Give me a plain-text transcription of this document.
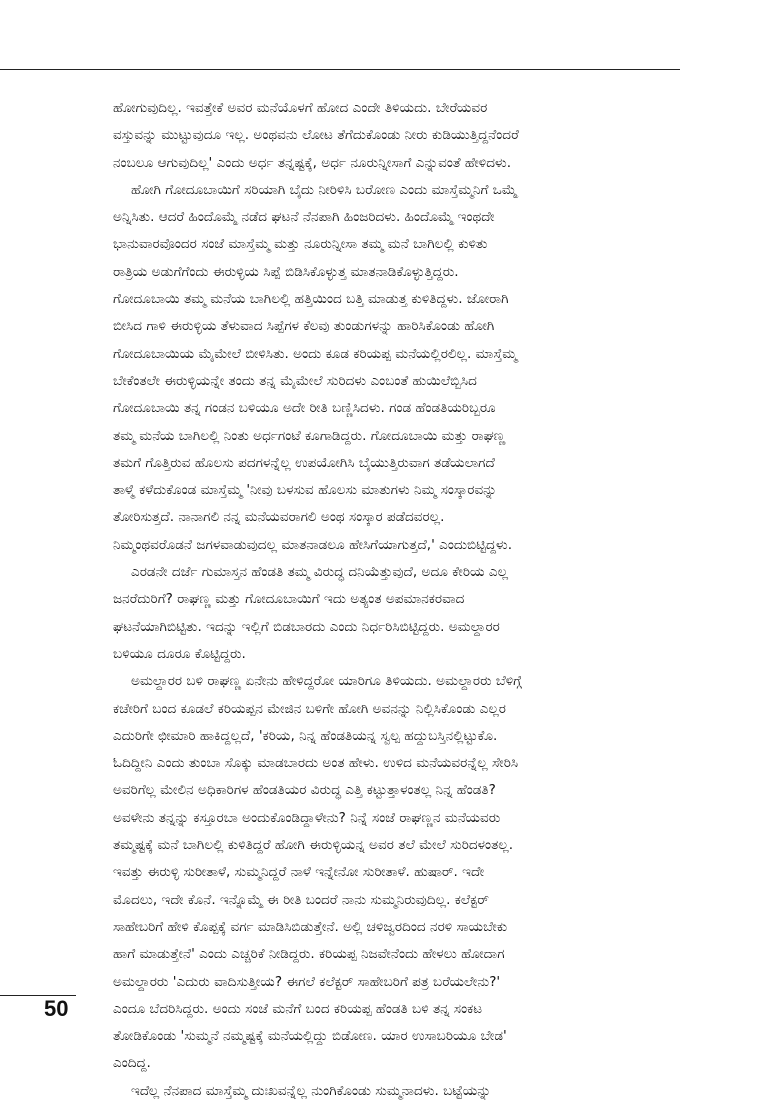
ಹೋಗುವುದಿಲ್ಲ. ಇವತ್ತೇಕೆ ಅವರ ಮನೆಯೊಳಗೆ ಹೋದ ಎಂದೇ ತಿಳಿಯದು. ಬೇರೆಯವರ
ವಸ್ತುವನ್ನು ಮುಟ್ಟುವುದೂ ಇಲ್ಲ. ಅಂಥವನು ಲೋಟ ತೆಗೆದುಕೊಂಡು ನೀರು ಕುಡಿಯುತ್ತಿದ್ದನೆಂದರೆ
ನಂಬಲೂ ಆಗುವುದಿಲ್ಲ' ಎಂದು ಅರ್ಧ ತನ್ನಷ್ಟಕ್ಕೆ, ಅರ್ಧ ನೂರುನ್ನೀಸಾಗೆ ಎನ್ನುವಂತೆ ಹೇಳಿದಳು.
ಹೋಗಿ ಗೋದೂಬಾಯಿಗೆ ಸರಿಯಾಗಿ ಬೈದು ನೀರಿಳಿಸಿ ಬರೋಣ ಎಂದು ಮಾಸ್ತೆಮ್ಮನಿಗೆ ಒಮ್ಮೆ
ಅನ್ನಿಸಿತು. ಆದರೆ ಹಿಂದೊಮ್ಮೆ ನಡೆದ ಘಟನೆ ನೆನಪಾಗಿ ಹಿಂಜರಿದಳು. ಹಿಂದೊಮ್ಮೆ ಇಂಥದೇ
ಭಾನುವಾರವೊಂದರ ಸಂಜೆ ಮಾಸ್ತೆಮ್ಮ ಮತ್ತು ನೂರುನ್ನೀಸಾ ತಮ್ಮ ಮನೆ ಬಾಗಿಲಲ್ಲಿ ಕುಳಿತು
ರಾತ್ರಿಯ ಅಡುಗೆಗೆಂದು ಈರುಳ್ಳಿಯ ಸಿಪ್ಪೆ ಬಿಡಿಸಿಕೊಳ್ಳುತ್ತ ಮಾತನಾಡಿಕೊಳ್ಳುತ್ತಿದ್ದರು.
ಗೋದೂಬಾಯಿ ತಮ್ಮ ಮನೆಯ ಬಾಗಿಲಲ್ಲಿ ಹತ್ತಿಯಿಂದ ಬತ್ತಿ ಮಾಡುತ್ತ ಕುಳಿತಿದ್ದಳು. ಜೋರಾಗಿ
ಬೀಸಿದ ಗಾಳಿ ಈರುಳ್ಳಿಯ ತೆಳುವಾದ ಸಿಪ್ಪೆಗಳ ಕೆಲವು ತುಂಡುಗಳನ್ನು ಹಾರಿಸಿಕೊಂಡು ಹೋಗಿ
ಗೋದೂಬಾಯಿಯ ಮೈಮೇಲೆ ಬೀಳಿಸಿತು. ಅಂದು ಕೂಡ ಕರಿಯಪ್ಪ ಮನೆಯಲ್ಲಿರಲಿಲ್ಲ. ಮಾಸ್ತೆಮ್ಮ
ಬೇಕೆಂತಲೇ ಈರುಳ್ಳಿಯನ್ನೇ ತಂದು ತನ್ನ ಮೈಮೇಲೆ ಸುರಿದಳು ಎಂಬಂತೆ ಹುಯಿಲೆಬ್ಬಿಸಿದ
ಗೋದೂಬಾಯಿ ತನ್ನ ಗಂಡನ ಬಳಿಯೂ ಅದೇ ರೀತಿ ಬಣ್ಣಿಸಿದಳು. ಗಂಡ ಹೆಂಡತಿಯರಿಬ್ಬರೂ
ತಮ್ಮ ಮನೆಯ ಬಾಗಿಲಲ್ಲಿ ನಿಂತು ಅರ್ಧಗಂಟೆ ಕೂಗಾಡಿದ್ದರು. ಗೋದೂಬಾಯಿ ಮತ್ತು ರಾಘಣ್ಣ
ತಮಗೆ ಗೊತ್ತಿರುವ ಹೊಲಸು ಪದಗಳನ್ನೆಲ್ಲ ಉಪಯೋಗಿಸಿ ಬೈಯುತ್ತಿರುವಾಗ ತಡೆಯಲಾಗದೆ
ತಾಳ್ಮೆ ಕಳೆದುಕೊಂಡ ಮಾಸ್ತೆಮ್ಮ 'ನೀವು ಬಳಸುವ ಹೊಲಸು ಮಾತುಗಳು ನಿಮ್ಮ ಸಂಸ್ಕಾರವನ್ನು
ತೋರಿಸುತ್ತದೆ. ನಾನಾಗಲಿ ನನ್ನ ಮನೆಯವರಾಗಲಿ ಅಂಥ ಸಂಸ್ಕಾರ ಪಡೆದವರಲ್ಲ.
ನಿಮ್ಮಂಥವರೊಡನೆ ಜಗಳವಾಡುವುದಲ್ಲ ಮಾತನಾಡಲೂ ಹೇಸಿಗೆಯಾಗುತ್ತದೆ,' ಎಂದುಬಿಟ್ಟಿದ್ದಳು.
ಎರಡನೇ ದರ್ಜೆ ಗುಮಾಸ್ತನ ಹೆಂಡತಿ ತಮ್ಮ ವಿರುದ್ಧ ದನಿಯೆತ್ತುವುದೆ, ಅದೂ ಕೇರಿಯ ಎಲ್ಲ
ಜನರೆದುರಿಗೆ? ರಾಘಣ್ಣ ಮತ್ತು ಗೋದೂಬಾಯಿಗೆ ಇದು ಅತ್ಯಂತ ಅಪಮಾನಕರವಾದ
ಘಟನೆಯಾಗಿಬಿಟ್ಟಿತು. ಇದನ್ನು ಇಲ್ಲಿಗೆ ಬಿಡಬಾರದು ಎಂದು ನಿರ್ಧರಿಸಿಬಿಟ್ಟಿದ್ದರು. ಅಮಲ್ದಾರರ
ಬಳಿಯೂ ದೂರೂ ಕೊಟ್ಟಿದ್ದರು.
ಅಮಲ್ದಾರರ ಬಳಿ ರಾಘಣ್ಣ ಏನೇನು ಹೇಳಿದ್ದರೋ ಯಾರಿಗೂ ತಿಳಿಯದು. ಅಮಲ್ದಾರರು ಬೆಳಿಗ್ಗೆ
ಕಚೇರಿಗೆ ಬಂದ ಕೂಡಲೆ ಕರಿಯಪ್ಪನ ಮೇಜಿನ ಬಳಿಗೇ ಹೋಗಿ ಅವನನ್ನು ನಿಲ್ಲಿಸಿಕೊಂಡು ಎಲ್ಲರ
ಎದುರಿಗೇ ಛೀಮಾರಿ ಹಾಕಿದ್ದಲ್ಲದೆ, 'ಕರಿಯ, ನಿನ್ನ ಹೆಂಡತಿಯನ್ನ ಸ್ವಲ್ಪ ಹದ್ದುಬಸ್ತಿನಲ್ಲಿಟ್ಟುಕೊ.
ಓದಿದ್ದೀನಿ ಎಂದು ತುಂಬಾ ಸೊಕ್ಕು ಮಾಡಬಾರದು ಅಂತ ಹೇಳು. ಉಳಿದ ಮನೆಯವರನ್ನೆಲ್ಲ ಸೇರಿಸಿ
ಅವರಿಗೆಲ್ಲ ಮೇಲಿನ ಅಧಿಕಾರಿಗಳ ಹೆಂಡತಿಯರ ವಿರುದ್ಧ ಎತ್ತಿ ಕಟ್ಟುತ್ತಾಳಂತಲ್ಲ ನಿನ್ನ ಹೆಂಡತಿ?
ಅವಳೇನು ತನ್ನನ್ನು ಕಸ್ತೂರಬಾ ಅಂದುಕೊಂಡಿದ್ದಾಳೇನು? ನಿನ್ನೆ ಸಂಜೆ ರಾಘಣ್ಣನ ಮನೆಯವರು
ತಮ್ಮಷ್ಟಕ್ಕೆ ಮನೆ ಬಾಗಿಲಲ್ಲಿ ಕುಳಿತಿದ್ದರೆ ಹೋಗಿ ಈರುಳ್ಳಿಯನ್ನ ಅವರ ತಲೆ ಮೇಲೆ ಸುರಿದಳಂತಲ್ಲ.
ಇವತ್ತು ಈರುಳ್ಳಿ ಸುರೀತಾಳೆ, ಸುಮ್ಮನಿದ್ದರೆ ನಾಳೆ ಇನ್ನೇನೋ ಸುರೀತಾಳೆ. ಹುಷಾರ್. ಇದೇ
ಮೊದಲು, ಇದೇ ಕೊನೆ. ಇನ್ನೊಮ್ಮೆ ಈ ರೀತಿ ಬಂದರೆ ನಾನು ಸುಮ್ಮನಿರುವುದಿಲ್ಲ. ಕಲೆಕ್ಟರ್
ಸಾಹೇಬರಿಗೆ ಹೇಳಿ ಕೊಪ್ಪಕ್ಕೆ ವರ್ಗ ಮಾಡಿಸಿಬಿಡುತ್ತೇನೆ. ಅಲ್ಲಿ ಚಳಿಜ್ವರದಿಂದ ನರಳಿ ಸಾಯಬೇಕು
ಹಾಗೆ ಮಾಡುತ್ತೇನೆ' ಎಂದು ಎಚ್ಚರಿಕೆ ನೀಡಿದ್ದರು. ಕರಿಯಪ್ಪ ನಿಜವೇನೆಂದು ಹೇಳಲು ಹೋದಾಗ
ಅಮಲ್ದಾರರು 'ಎದುರು ವಾದಿಸುತ್ತೀಯ? ಈಗಲೆ ಕಲೆಕ್ಟರ್ ಸಾಹೇಬರಿಗೆ ಪತ್ರ ಬರೆಯಲೇನು?'
ಎಂದೂ ಬೆದರಿಸಿದ್ದರು. ಅಂದು ಸಂಜೆ ಮನೆಗೆ ಬಂದ ಕರಿಯಪ್ಪ ಹೆಂಡತಿ ಬಳಿ ತನ್ನ ಸಂಕಟ
ತೋಡಿಕೊಂಡು 'ಸುಮ್ಮನೆ ನಮ್ಮಷ್ಟಕ್ಕೆ ಮನೆಯಲ್ಲಿದ್ದು ಬಿಡೋಣ. ಯಾರ ಉಸಾಬರಿಯೂ ಬೇಡ'
ಎಂದಿದ್ದ.
ಇದೆಲ್ಲ ನೆನಪಾದ ಮಾಸ್ತೆಮ್ಮ ದುಃಖವನ್ನೆಲ್ಲ ನುಂಗಿಕೊಂಡು ಸುಮ್ಮನಾದಳು. ಬಟ್ಟೆಯನ್ನು
50
